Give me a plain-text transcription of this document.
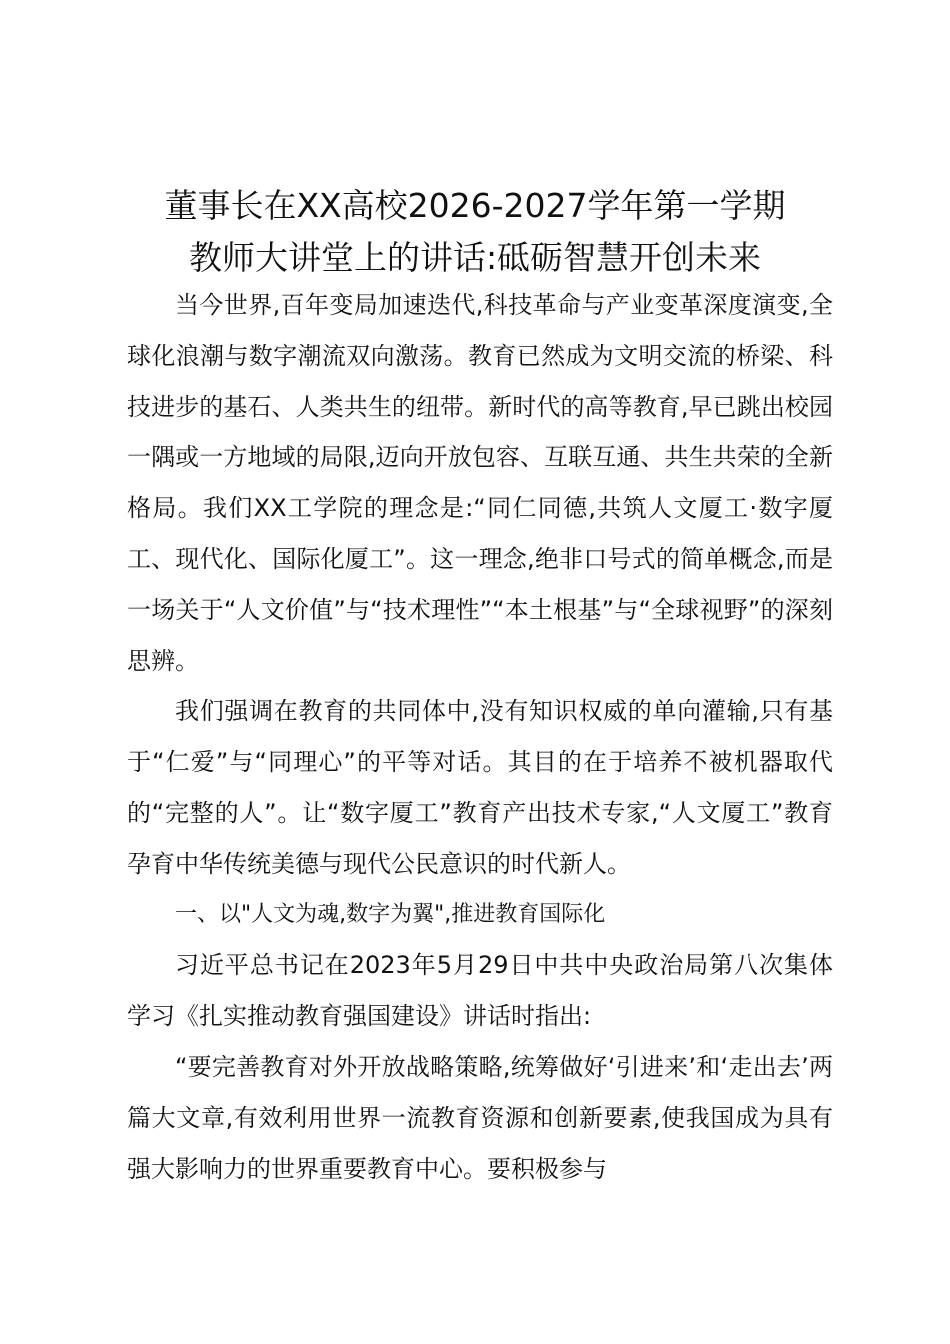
董事长在XX高校2026-2027学年第一学期
教师大讲堂上的讲话:砥砺智慧开创未来

当今世界,百年变局加速迭代,科技革命与产业变革深度演变,全球化浪潮与数字潮流双向激荡。教育已然成为文明交流的桥梁、科技进步的基石、人类共生的纽带。新时代的高等教育,早已跳出校园一隅或一方地域的局限,迈向开放包容、互联互通、共生共荣的全新格局。我们XX工学院的理念是:“同仁同德,共筑人文厦工·数字厦工、现代化、国际化厦工”。这一理念,绝非口号式的简单概念,而是一场关于“人文价值”与“技术理性”“本土根基”与“全球视野”的深刻思辨。

我们强调在教育的共同体中,没有知识权威的单向灌输,只有基于“仁爱”与“同理心”的平等对话。其目的在于培养不被机器取代的“完整的人”。让“数字厦工”教育产出技术专家,“人文厦工”教育孕育中华传统美德与现代公民意识的时代新人。

一、以"人文为魂,数字为翼",推进教育国际化

习近平总书记在2023年5月29日中共中央政治局第八次集体学习《扎实推动教育强国建设》讲话时指出:

“要完善教育对外开放战略策略,统筹做好‘引进来’和‘走出去’两篇大文章,有效利用世界一流教育资源和创新要素,使我国成为具有强大影响力的世界重要教育中心。要积极参与
